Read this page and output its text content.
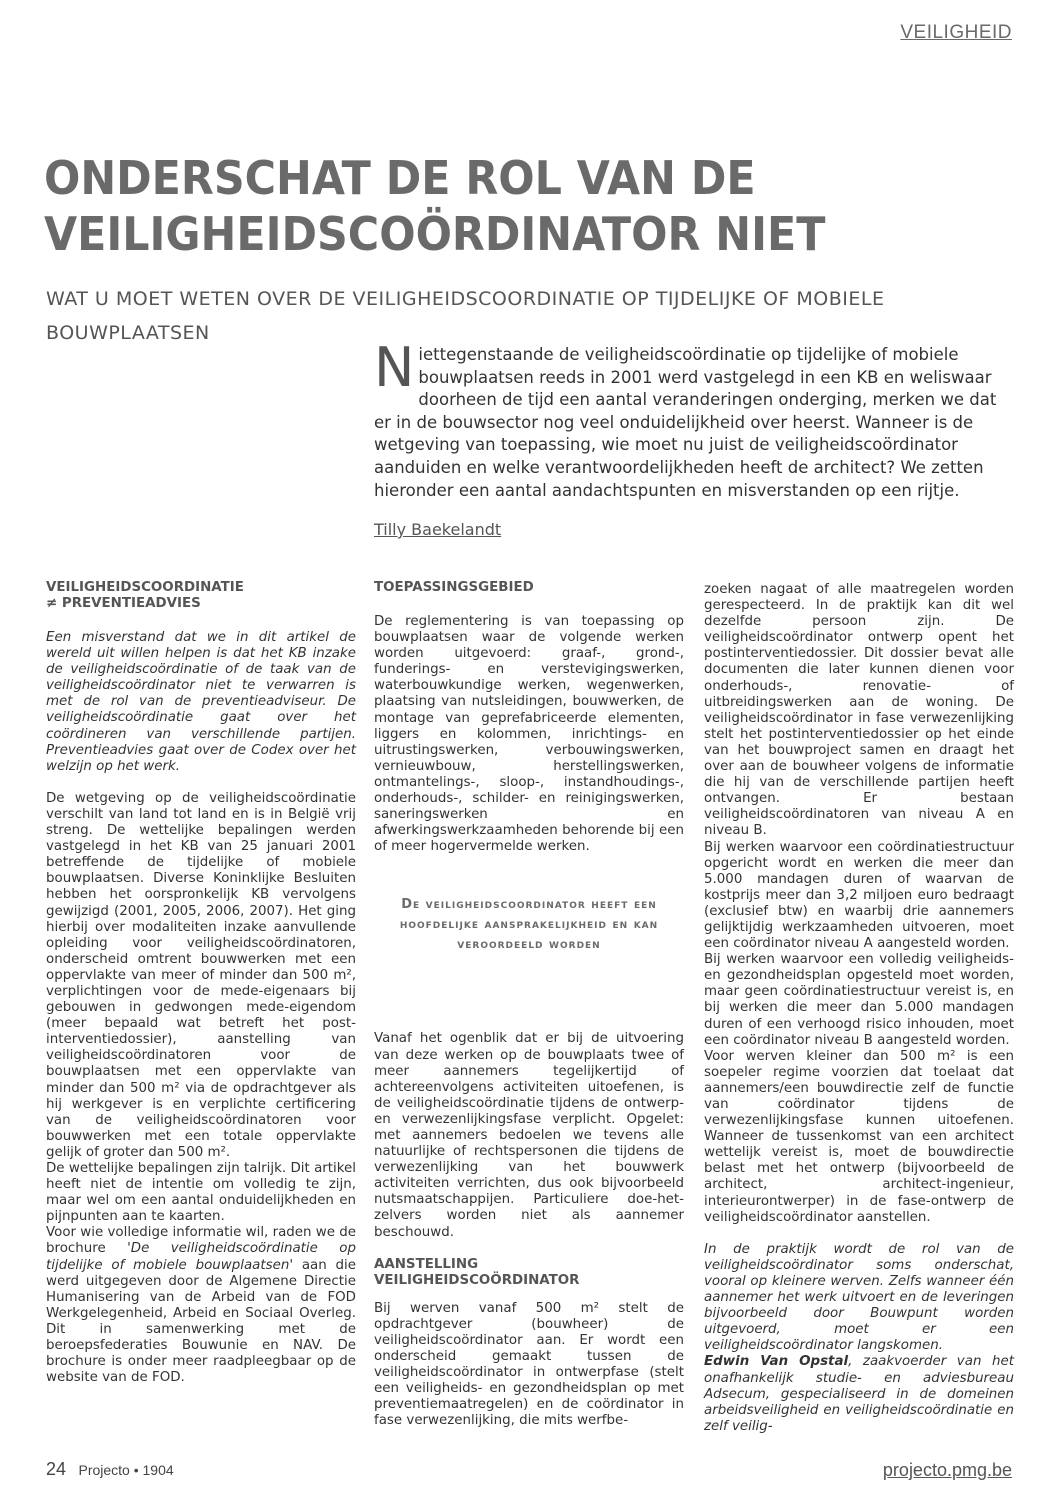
VEILIGHEID
ONDERSCHAT DE ROL VAN DE
VEILIGHEIDSCOÖRDINATOR NIET
WAT U MOET WETEN OVER DE VEILIGHEIDSCOORDINATIE OP TIJDELIJKE OF MOBIELE BOUWPLAATSEN

Niettegenstaande de veiligheidscoördinatie op tijdelijke of mobiele bouwplaatsen reeds in 2001 werd vastgelegd in een KB en weliswaar doorheen de tijd een aantal veranderingen onderging, merken we dat er in de bouwsector nog veel onduidelijkheid over heerst. Wanneer is de wetgeving van toepassing, wie moet nu juist de veiligheidscoördinator aanduiden en welke verantwoordelijkheden heeft de architect? We zetten hieronder een aantal aandachtspunten en misverstanden op een rijtje.

Tilly Baekelandt
VEILIGHEIDSCOORDINATIE
≠ PREVENTIEADVIES

Een misverstand dat we in dit artikel de wereld uit willen helpen is dat het KB inzake de veiligheidscoördinatie of de taak van de veiligheidscoördinator niet te verwarren is met de rol van de preventieadviseur. De veiligheidscoördinatie gaat over het coördineren van verschillende partijen. Preventieadvies gaat over de Codex over het welzijn op het werk.

De wetgeving op de veiligheidscoördinatie verschilt van land tot land en is in België vrij streng. De wettelijke bepalingen werden vastgelegd in het KB van 25 januari 2001 betreffende de tijdelijke of mobiele bouwplaatsen. Diverse Koninklijke Besluiten hebben het oorspronkelijk KB vervolgens gewijzigd (2001, 2005, 2006, 2007). Het ging hierbij over modaliteiten inzake aanvullende opleiding voor veiligheidscoördinatoren, onderscheid omtrent bouwwerken met een oppervlakte van meer of minder dan 500 m², verplichtingen voor de mede-eigenaars bij gebouwen in gedwongen mede-eigendom (meer bepaald wat betreft het post-interventiedossier), aanstelling van veiligheidscoördinatoren voor de bouwplaatsen met een oppervlakte van minder dan 500 m² via de opdrachtgever als hij werkgever is en verplichte certificering van de veiligheidscoördinatoren voor bouwwerken met een totale oppervlakte gelijk of groter dan 500 m².

De wettelijke bepalingen zijn talrijk. Dit artikel heeft niet de intentie om volledig te zijn, maar wel om een aantal onduidelijkheden en pijnpunten aan te kaarten.

Voor wie volledige informatie wil, raden we de brochure 'De veiligheidscoördinatie op tijdelijke of mobiele bouwplaatsen' aan die werd uitgegeven door de Algemene Directie Humanisering van de Arbeid van de FOD Werkgelegenheid, Arbeid en Sociaal Overleg. Dit in samenwerking met de beroepsfederaties Bouwunie en NAV. De brochure is onder meer raadpleegbaar op de website van de FOD.

TOEPASSINGSGEBIED

De reglementering is van toepassing op bouwplaatsen waar de volgende werken worden uitgevoerd: graaf-, grond-, funderings- en verstevigingswerken, waterbouwkundige werken, wegenwerken, plaatsing van nutsleidingen, bouwwerken, de montage van geprefabriceerde elementen, liggers en kolommen, inrichtings- en uitrustingswerken, verbouwingswerken, vernieuwbouw, herstellingswerken, ontmantelings-, sloop-, instandhoudings-, onderhouds-, schilder- en reinigingswerken, saneringswerken en afwerkingswerkzaamheden behorende bij een of meer hogervermelde werken.

De veiligheidscoordinator heeft een hoofdelijke aansprakelijkheid en kan veroordeeld worden

Vanaf het ogenblik dat er bij de uitvoering van deze werken op de bouwplaats twee of meer aannemers tegelijkertijd of achtereenvolgens activiteiten uitoefenen, is de veiligheidscoördinatie tijdens de ontwerp- en verwezenlijkingsfase verplicht. Opgelet: met aannemers bedoelen we tevens alle natuurlijke of rechtspersonen die tijdens de verwezenlijking van het bouwwerk activiteiten verrichten, dus ook bijvoorbeeld nutsmaatschappijen. Particuliere doe-het-zelvers worden niet als aannemer beschouwd.

AANSTELLING
VEILIGHEIDSCOÖRDINATOR

Bij werven vanaf 500 m² stelt de opdrachtgever (bouwheer) de veiligheidscoördinator aan. Er wordt een onderscheid gemaakt tussen de veiligheidscoördinator in ontwerpfase (stelt een veiligheids- en gezondheidsplan op met preventiemaatregelen) en de coördinator in fase verwezenlijking, die mits werfbe-

zoeken nagaat of alle maatregelen worden gerespecteerd. In de praktijk kan dit wel dezelfde persoon zijn. De veiligheidscoördinator ontwerp opent het postinterventiedossier. Dit dossier bevat alle documenten die later kunnen dienen voor onderhouds-, renovatie- of uitbreidingswerken aan de woning. De veiligheidscoördinator in fase verwezenlijking stelt het postinterventiedossier op het einde van het bouwproject samen en draagt het over aan de bouwheer volgens de informatie die hij van de verschillende partijen heeft ontvangen. Er bestaan veiligheidscoördinatoren van niveau A en niveau B.

Bij werken waarvoor een coördinatiestructuur opgericht wordt en werken die meer dan 5.000 mandagen duren of waarvan de kostprijs meer dan 3,2 miljoen euro bedraagt (exclusief btw) en waarbij drie aannemers gelijktijdig werkzaamheden uitvoeren, moet een coördinator niveau A aangesteld worden.

Bij werken waarvoor een volledig veiligheids- en gezondheidsplan opgesteld moet worden, maar geen coördinatiestructuur vereist is, en bij werken die meer dan 5.000 mandagen duren of een verhoogd risico inhouden, moet een coördinator niveau B aangesteld worden.

Voor werven kleiner dan 500 m² is een soepeler regime voorzien dat toelaat dat aannemers/een bouwdirectie zelf de functie van coördinator tijdens de verwezenlijkingsfase kunnen uitoefenen. Wanneer de tussenkomst van een architect wettelijk vereist is, moet de bouwdirectie belast met het ontwerp (bijvoorbeeld de architect, architect-ingenieur, interieurontwerper) in de fase-ontwerp de veiligheidscoördinator aanstellen.

In de praktijk wordt de rol van de veiligheidscoördinator soms onderschat, vooral op kleinere werven. Zelfs wanneer één aannemer het werk uitvoert en de leveringen bijvoorbeeld door Bouwpunt worden uitgevoerd, moet er een veiligheidscoördinator langskomen.

Edwin Van Opstal, zaakvoerder van het onafhankelijk studie- en adviesbureau Adsecum, gespecialiseerd in de domeinen arbeidsveiligheid en veiligheidscoördinatie en zelf veilig-

24 Projecto • 1904	projecto.pmg.be
